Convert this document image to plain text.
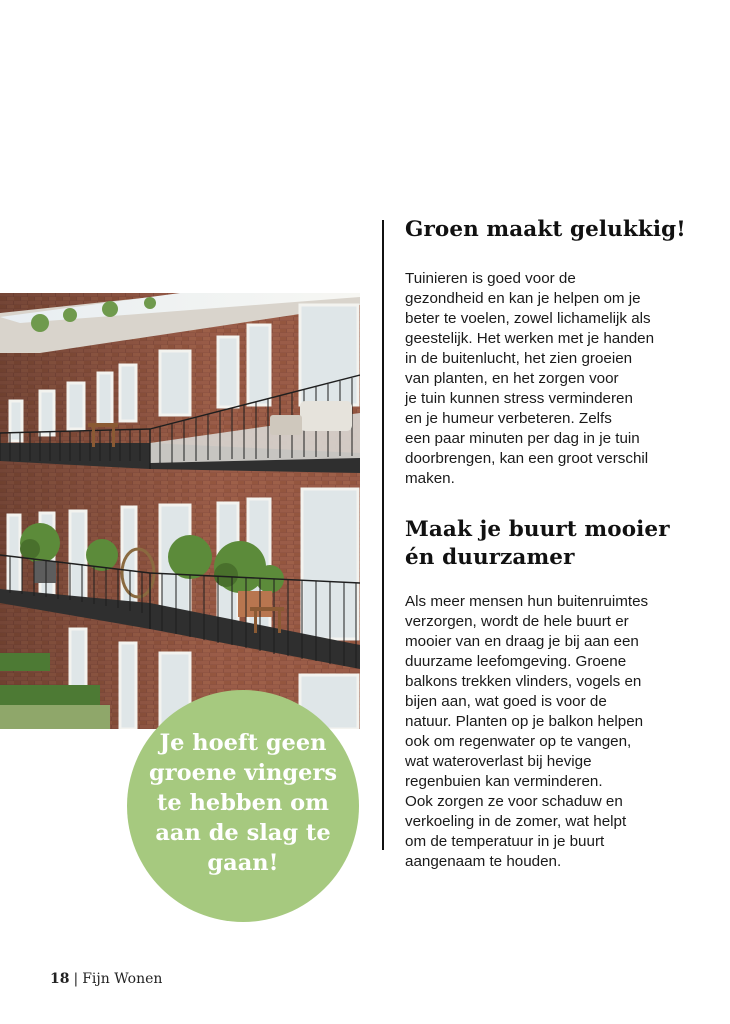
Groen maakt gelukkig!

Tuinieren is goed voor de
gezondheid en kan je helpen om je
beter te voelen, zowel lichamelijk als
geestelijk. Het werken met je handen
in de buitenlucht, het zien groeien
van planten, en het zorgen voor
je tuin kunnen stress verminderen
en je humeur verbeteren. Zelfs
een paar minuten per dag in je tuin
doorbrengen, kan een groot verschil
maken.

Maak je buurt mooier
én duurzamer

Als meer mensen hun buitenruimtes
verzorgen, wordt de hele buurt er
mooier van en draag je bij aan een
duurzame leefomgeving. Groene
balkons trekken vlinders, vogels en
bijen aan, wat goed is voor de
natuur. Planten op je balkon helpen
ook om regenwater op te vangen,
wat wateroverlast bij hevige
regenbuien kan verminderen.
Ook zorgen ze voor schaduw en
verkoeling in de zomer, wat helpt
om de temperatuur in je buurt
aangenaam te houden.

Je hoeft geen
groene vingers
te hebben om
aan de slag te
gaan!
18 | Fijn Wonen
